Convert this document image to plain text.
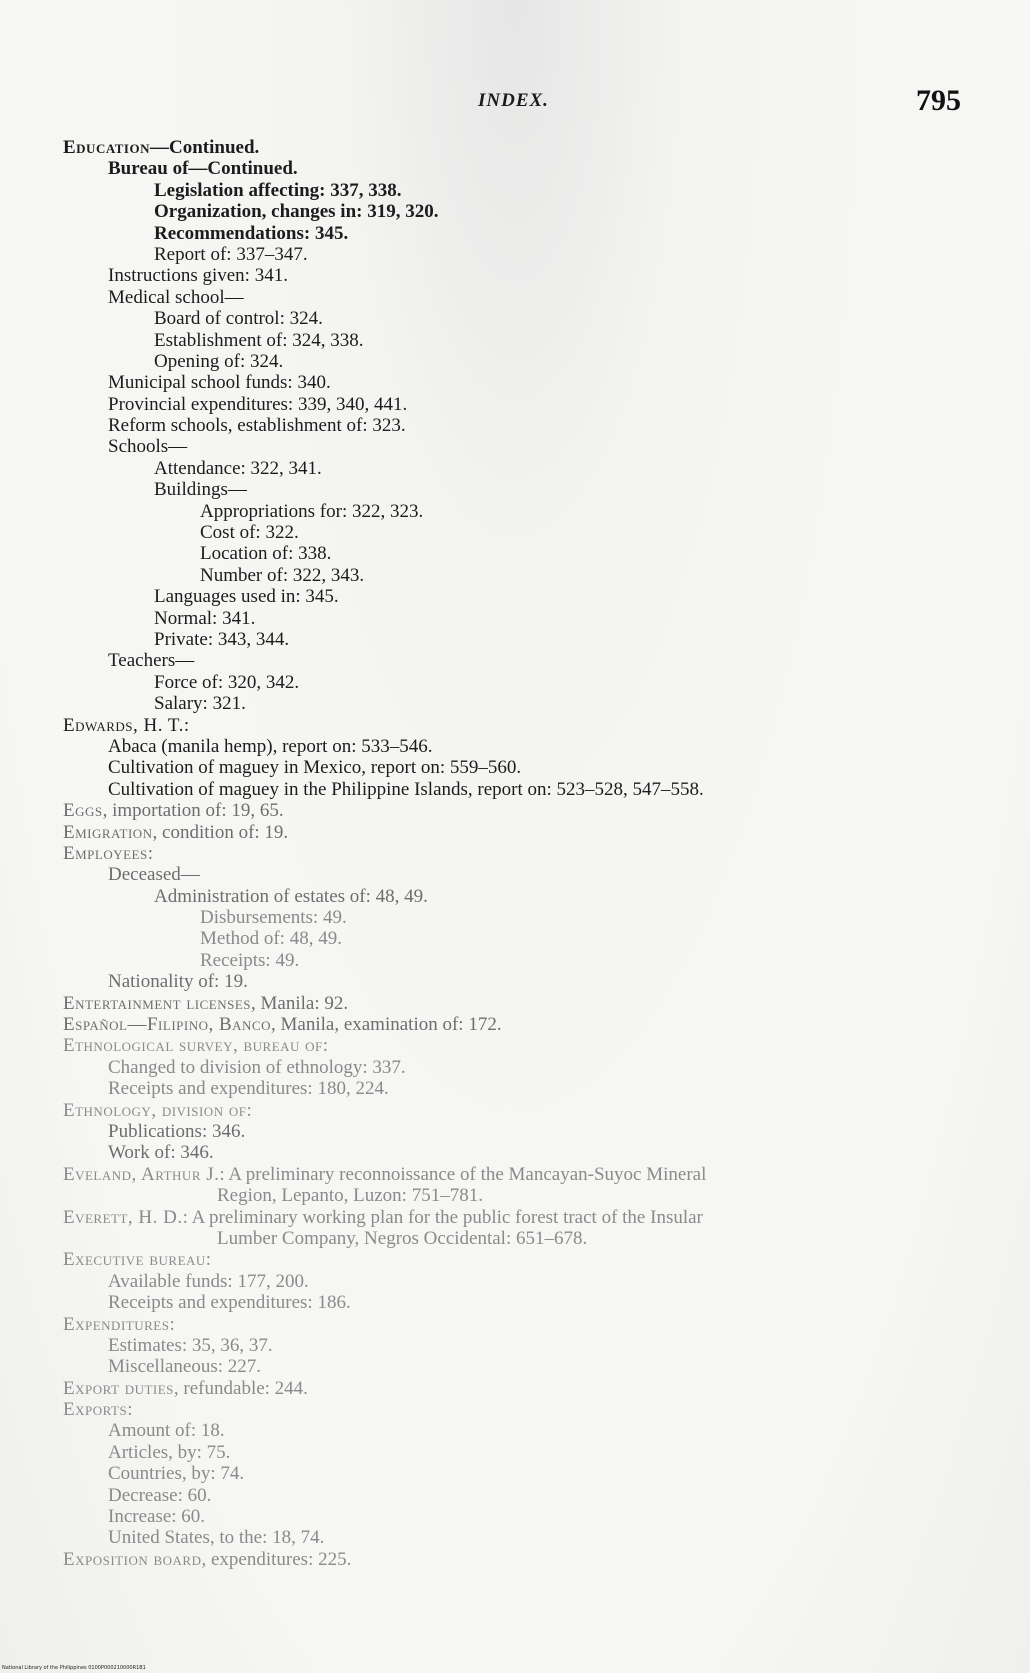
INDEX.	795
Education—Continued.
Bureau of—Continued.
Legislation affecting: 337, 338.
Organization, changes in: 319, 320.
Recommendations: 345.
Report of: 337–347.
Instructions given: 341.
Medical school—
Board of control: 324.
Establishment of: 324, 338.
Opening of: 324.
Municipal school funds: 340.
Provincial expenditures: 339, 340, 441.
Reform schools, establishment of: 323.
Schools—
Attendance: 322, 341.
Buildings—
Appropriations for: 322, 323.
Cost of: 322.
Location of: 338.
Number of: 322, 343.
Languages used in: 345.
Normal: 341.
Private: 343, 344.
Teachers—
Force of: 320, 342.
Salary: 321.
Edwards, H. T.:
Abaca (manila hemp), report on: 533–546.
Cultivation of maguey in Mexico, report on: 559–560.
Cultivation of maguey in the Philippine Islands, report on: 523–528, 547–558.
Eggs, importation of: 19, 65.
Emigration, condition of: 19.
Employees:
Deceased—
Administration of estates of: 48, 49.
Disbursements: 49.
Method of: 48, 49.
Receipts: 49.
Nationality of: 19.
Entertainment licenses, Manila: 92.
Español—Filipino, Banco, Manila, examination of: 172.
Ethnological survey, bureau of:
Changed to division of ethnology: 337.
Receipts and expenditures: 180, 224.
Ethnology, division of:
Publications: 346.
Work of: 346.
Eveland, Arthur J.: A preliminary reconnoissance of the Mancayan-Suyoc Mineral
Region, Lepanto, Luzon: 751–781.
Everett, H. D.: A preliminary working plan for the public forest tract of the Insular
Lumber Company, Negros Occidental: 651–678.
Executive bureau:
Available funds: 177, 200.
Receipts and expenditures: 186.
Expenditures:
Estimates: 35, 36, 37.
Miscellaneous: 227.
Export duties, refundable: 244.
Exports:
Amount of: 18.
Articles, by: 75.
Countries, by: 74.
Decrease: 60.
Increase: 60.
United States, to the: 18, 74.
Exposition board, expenditures: 225.
National Library of the Philippines 0100P000210000R1B1
